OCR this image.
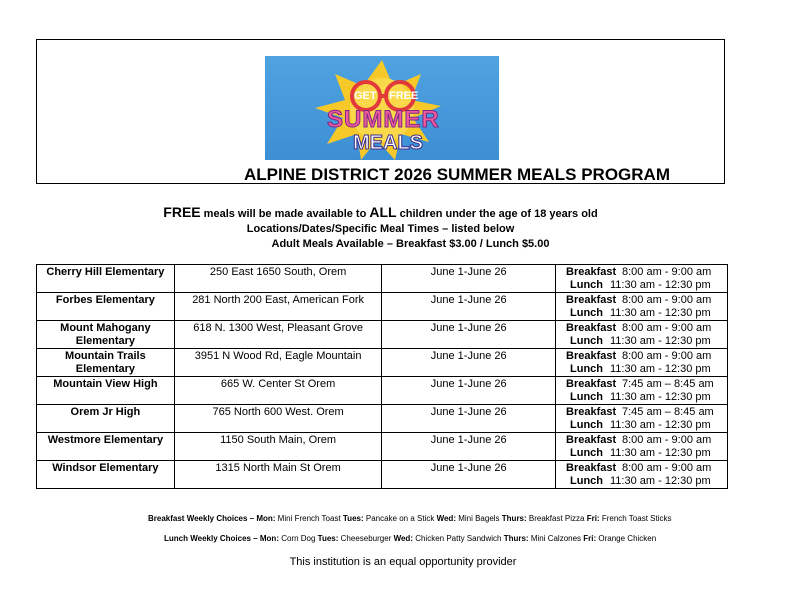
GET FREE
SUMMER
MEALS
ALPINE DISTRICT 2026 SUMMER MEALS PROGRAM
FREE meals will be made available to ALL children under the age of 18 years old
Locations/Dates/Specific Meal Times – listed below
Adult Meals Available – Breakfast $3.00 / Lunch $5.00
Cherry Hill Elementary	250 East 1650 South, Orem	June 1-June 26	Breakfast 8:00 am - 9:00 am
Lunch 11:30 am - 12:30 pm

Forbes Elementary	281 North 200 East, American Fork	June 1-June 26	Breakfast 8:00 am - 9:00 am
Lunch 11:30 am - 12:30 pm

Mount Mahogany Elementary	618 N. 1300 West, Pleasant Grove	June 1-June 26	Breakfast 8:00 am - 9:00 am
Lunch 11:30 am - 12:30 pm

Mountain Trails Elementary	3951 N Wood Rd, Eagle Mountain	June 1-June 26	Breakfast 8:00 am - 9:00 am
Lunch 11:30 am - 12:30 pm

Mountain View High	665 W. Center St Orem	June 1-June 26	Breakfast 7:45 am – 8:45 am
Lunch 11:30 am - 12:30 pm

Orem Jr High	765 North 600 West. Orem	June 1-June 26	Breakfast 7:45 am – 8:45 am
Lunch 11:30 am - 12:30 pm

Westmore Elementary	1150 South Main, Orem	June 1-June 26	Breakfast 8:00 am - 9:00 am
Lunch 11:30 am - 12:30 pm

Windsor Elementary	1315 North Main St Orem	June 1-June 26	Breakfast 8:00 am - 9:00 am
Lunch 11:30 am - 12:30 pm
Breakfast Weekly Choices – Mon: Mini French Toast Tues: Pancake on a Stick Wed: Mini Bagels Thurs: Breakfast Pizza Fri: French Toast Sticks
Lunch Weekly Choices – Mon: Corn Dog Tues: Cheeseburger Wed: Chicken Patty Sandwich Thurs: Mini Calzones Fri: Orange Chicken
This institution is an equal opportunity provider
